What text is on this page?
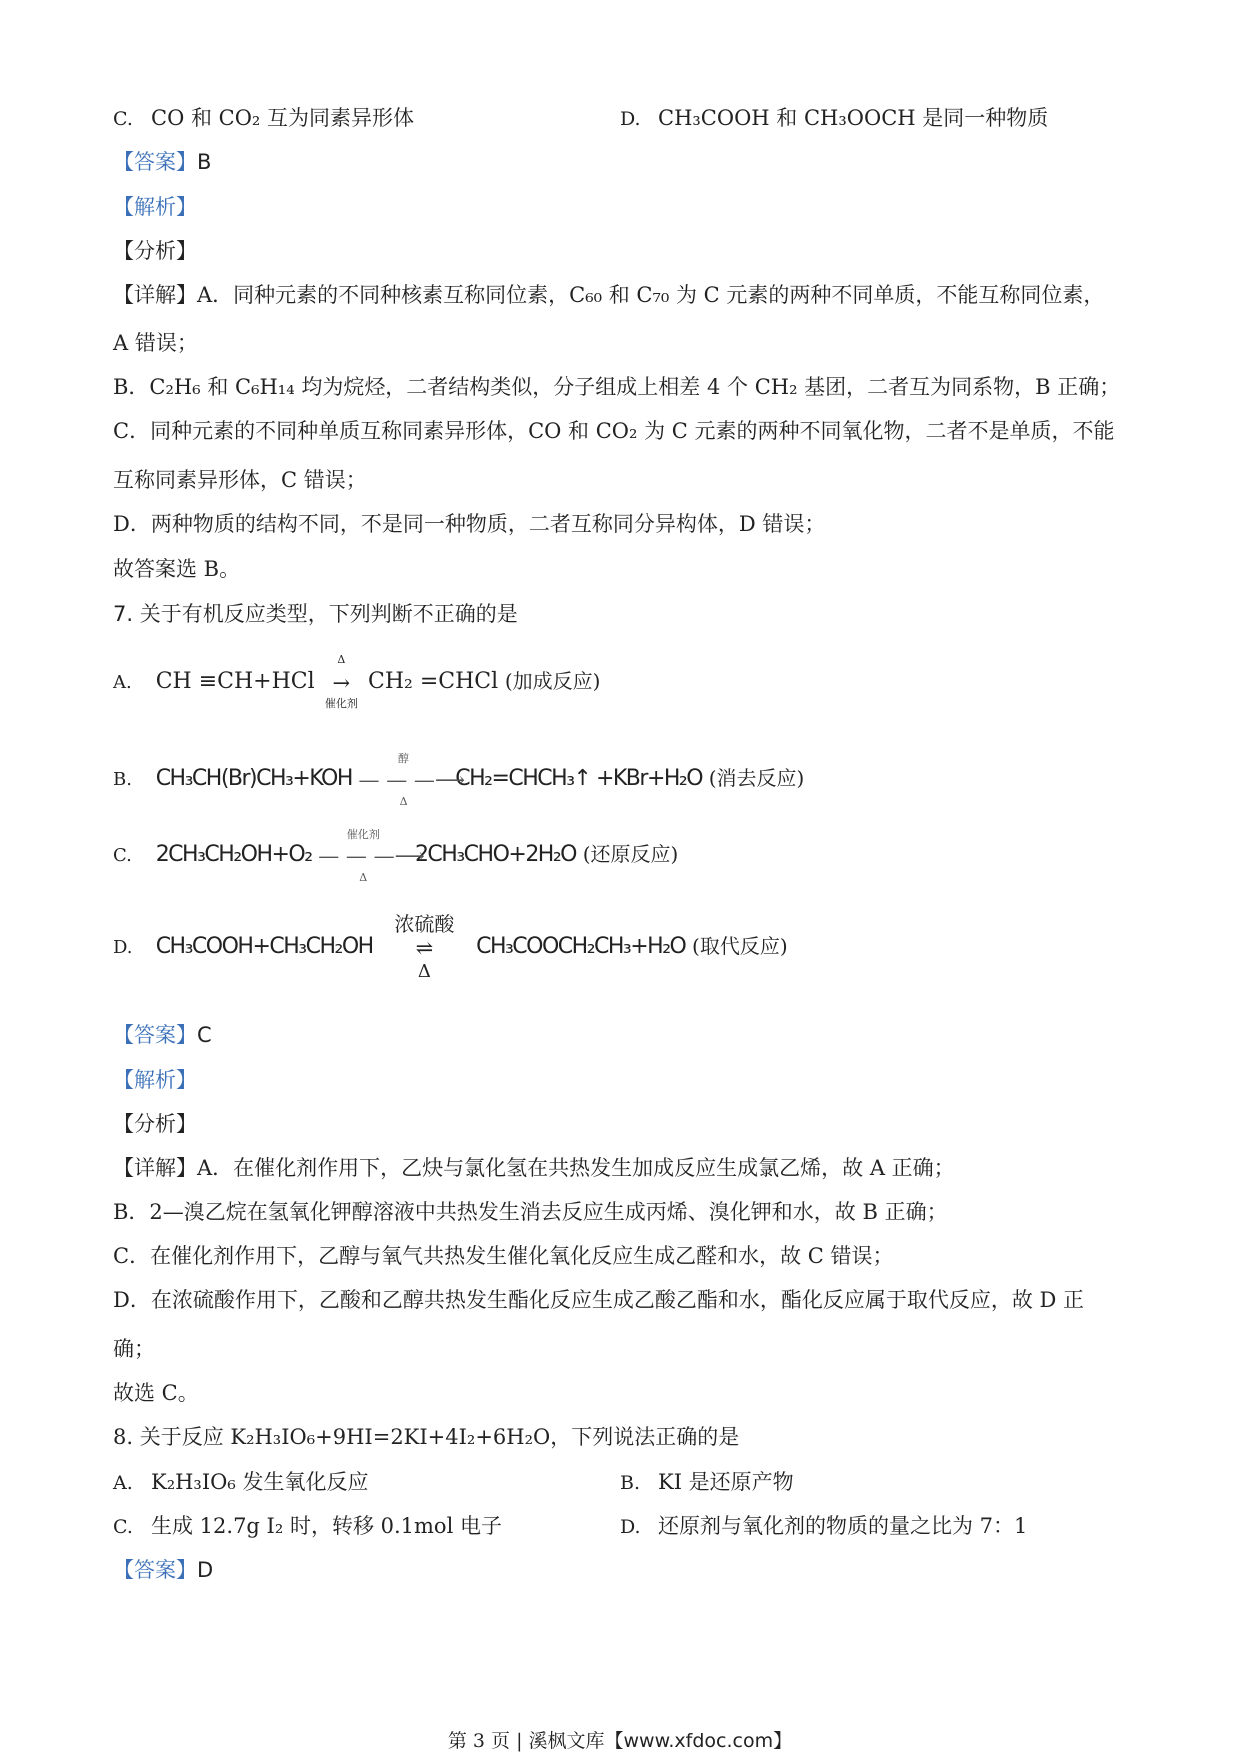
C. CO 和 CO₂ 互为同素异形体	D. CH₃COOH 和 CH₃OOCH 是同一种物质
【答案】B
【解析】
【分析】
【详解】A．同种元素的不同种核素互称同位素，C₆₀ 和 C₇₀ 为 C 元素的两种不同单质，不能互称同位素，
A 错误；
B．C₂H₆ 和 C₆H₁₄ 均为烷烃，二者结构类似，分子组成上相差 4 个 CH₂ 基团，二者互为同系物，B 正确；
C．同种元素的不同种单质互称同素异形体，CO 和 CO₂ 为 C 元素的两种不同氧化物，二者不是单质，不能
互称同素异形体，C 错误；
D．两种物质的结构不同，不是同一种物质，二者互称同分异构体，D 错误；
故答案选 B。
7. 关于有机反应类型，下列判断不正确的是
A. CH ≡CH+HCl
Δ
→
催化剂
CH₂ =CHCl (加成反应)
B. CH₃CH(Br)CH₃+KOH
醇
— — —⟶
Δ
CH₂=CHCH₃↑ +KBr+H₂O (消去反应)
C. 2CH₃CH₂OH+O₂
催化剂
— — —⟶
Δ
2CH₃CHO+2H₂O (还原反应)
D. CH₃COOH+CH₃CH₂OH
浓硫酸
⇌
Δ
CH₃COOCH₂CH₃+H₂O (取代反应)
【答案】C
【解析】
【分析】
【详解】A．在催化剂作用下，乙炔与氯化氢在共热发生加成反应生成氯乙烯，故 A 正确；
B．2—溴乙烷在氢氧化钾醇溶液中共热发生消去反应生成丙烯、溴化钾和水，故 B 正确；
C．在催化剂作用下，乙醇与氧气共热发生催化氧化反应生成乙醛和水，故 C 错误；
D．在浓硫酸作用下，乙酸和乙醇共热发生酯化反应生成乙酸乙酯和水，酯化反应属于取代反应，故 D 正
确；
故选 C。
8. 关于反应 K₂H₃IO₆+9HI=2KI+4I₂+6H₂O，下列说法正确的是
A. K₂H₃IO₆ 发生氧化反应	B. KI 是还原产物
C. 生成 12.7g I₂ 时，转移 0.1mol 电子	D. 还原剂与氧化剂的物质的量之比为 7：1
【答案】D
第 3 页 | 溪枫文库【www.xfdoc.com】
